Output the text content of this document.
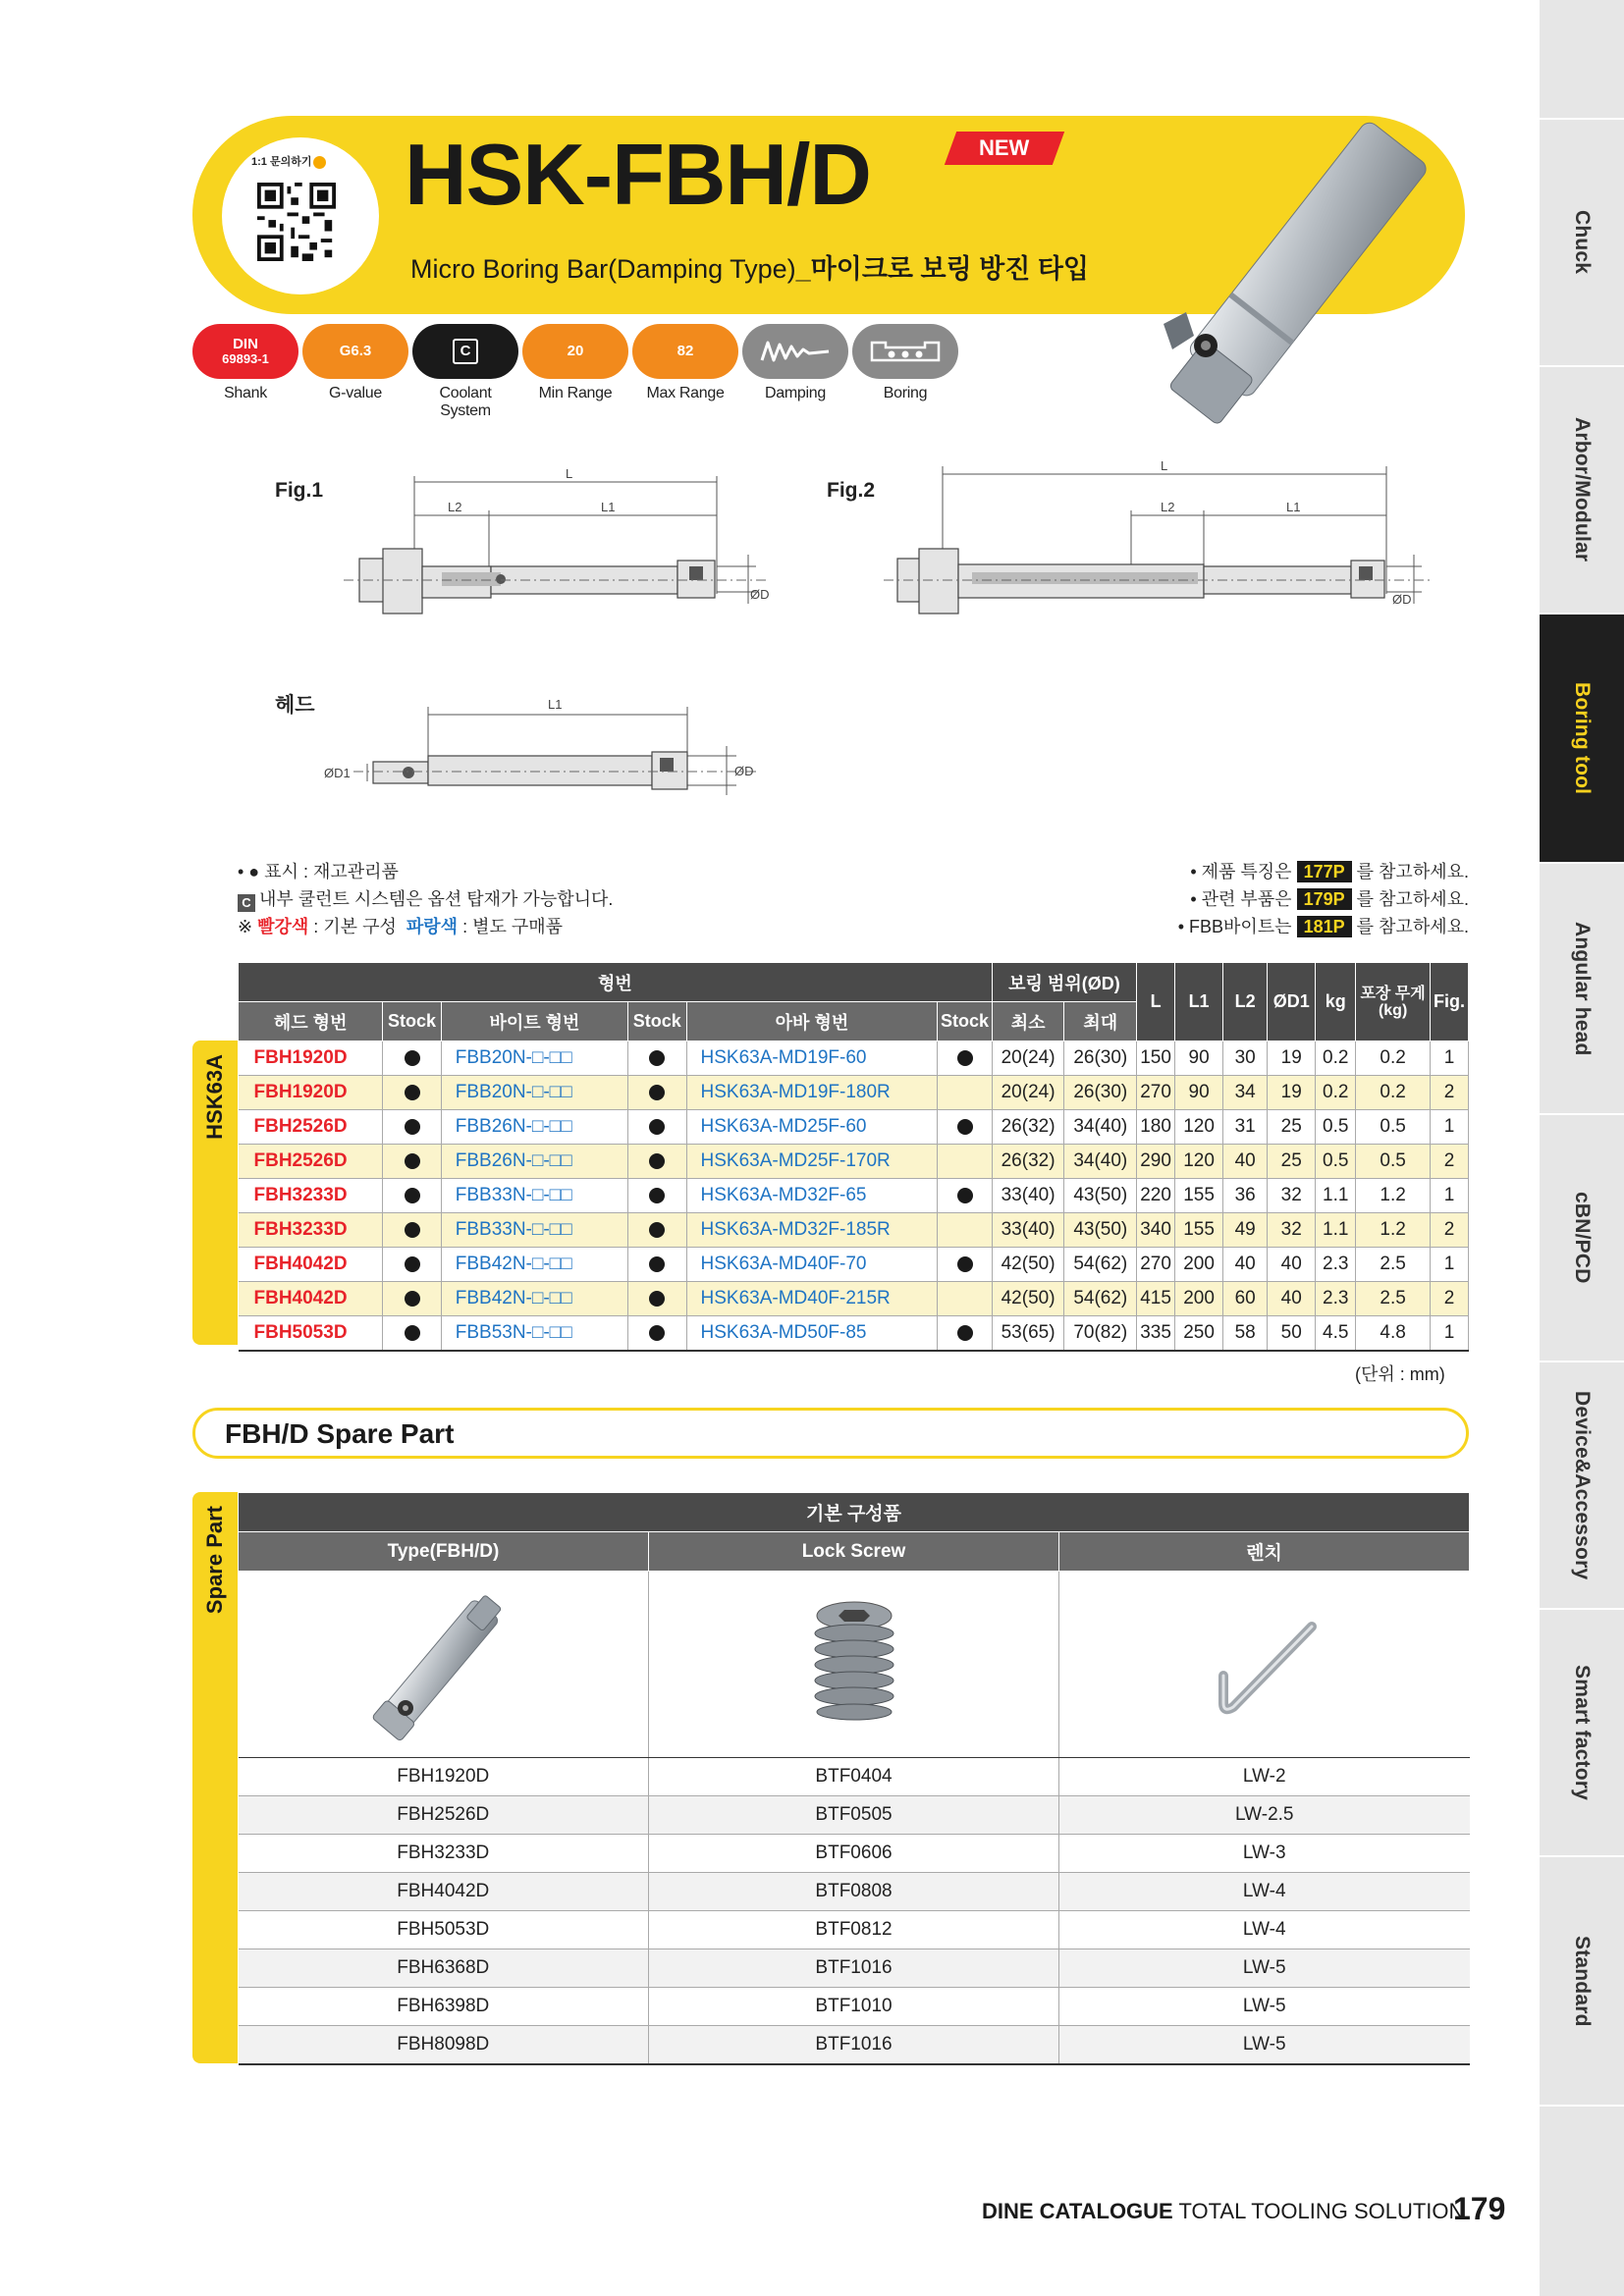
Chuck
Arbor/Modular
Boring tool
Angular head
cBN/PCD
Device&Accessory
Smart factory
Standard
1:1 문의하기 HSK-FBH/D	NEW
Micro Boring Bar(Damping Type)_마이크로 보링 방진 타입
DIN
69893-1
Shank
G6.3
G-value
C
Coolant System
20
Min Range
82
Max Range	Damping	Boring
Fig.1	Fig.2
헤드
L
L2	L1
ØD
L
L2	L1
ØD
L1
ØD1	ØD
• ● 표시 : 재고관리품
C 내부 쿨런트 시스템은 옵션 탑재가 가능합니다.
※ 빨강색 : 기본 구성 파랑색 : 별도 구매품
• 제품 특징은 177P 를 참고하세요.
• 관련 부품은 179P 를 참고하세요.
• FBB바이트는 181P 를 참고하세요.
HSK63A
형번						보링 범위(ØD)		L	L1	L2	ØD1	kg	포장 무게 (kg)	Fig.
헤드 형번	Stock	바이트 형번	Stock	아바 형번	Stock	최소	최대							
FBH1920D		FBB20N-□-□□		HSK63A-MD19F-60		20(24)	26(30)	150	90	30	19	0.2	0.2	1
FBH1920D		FBB20N-□-□□		HSK63A-MD19F-180R		20(24)	26(30)	270	90	34	19	0.2	0.2	2
FBH2526D		FBB26N-□-□□		HSK63A-MD25F-60		26(32)	34(40)	180	120	31	25	0.5	0.5	1
FBH2526D		FBB26N-□-□□		HSK63A-MD25F-170R		26(32)	34(40)	290	120	40	25	0.5	0.5	2
FBH3233D		FBB33N-□-□□		HSK63A-MD32F-65		33(40)	43(50)	220	155	36	32	1.1	1.2	1
FBH3233D		FBB33N-□-□□		HSK63A-MD32F-185R		33(40)	43(50)	340	155	49	32	1.1	1.2	2
FBH4042D		FBB42N-□-□□		HSK63A-MD40F-70		42(50)	54(62)	270	200	40	40	2.3	2.5	1
FBH4042D		FBB42N-□-□□		HSK63A-MD40F-215R		42(50)	54(62)	415	200	60	40	2.3	2.5	2
FBH5053D		FBB53N-□-□□		HSK63A-MD50F-85		53(65)	70(82)	335	250	58	50	4.5	4.8	1
(단위 : mm)
FBH/D Spare Part
Spare Part	기본 구성품		
Type(FBH/D)	Lock Screw	렌치

FBH1920D	BTF0404	LW-2
FBH2526D	BTF0505	LW-2.5
FBH3233D	BTF0606	LW-3
FBH4042D	BTF0808	LW-4
FBH5053D	BTF0812	LW-4
FBH6368D	BTF1016	LW-5
FBH6398D	BTF1010	LW-5
FBH8098D	BTF1016	LW-5
DINE CATALOGUE TOTAL TOOLING SOLUTION
179
